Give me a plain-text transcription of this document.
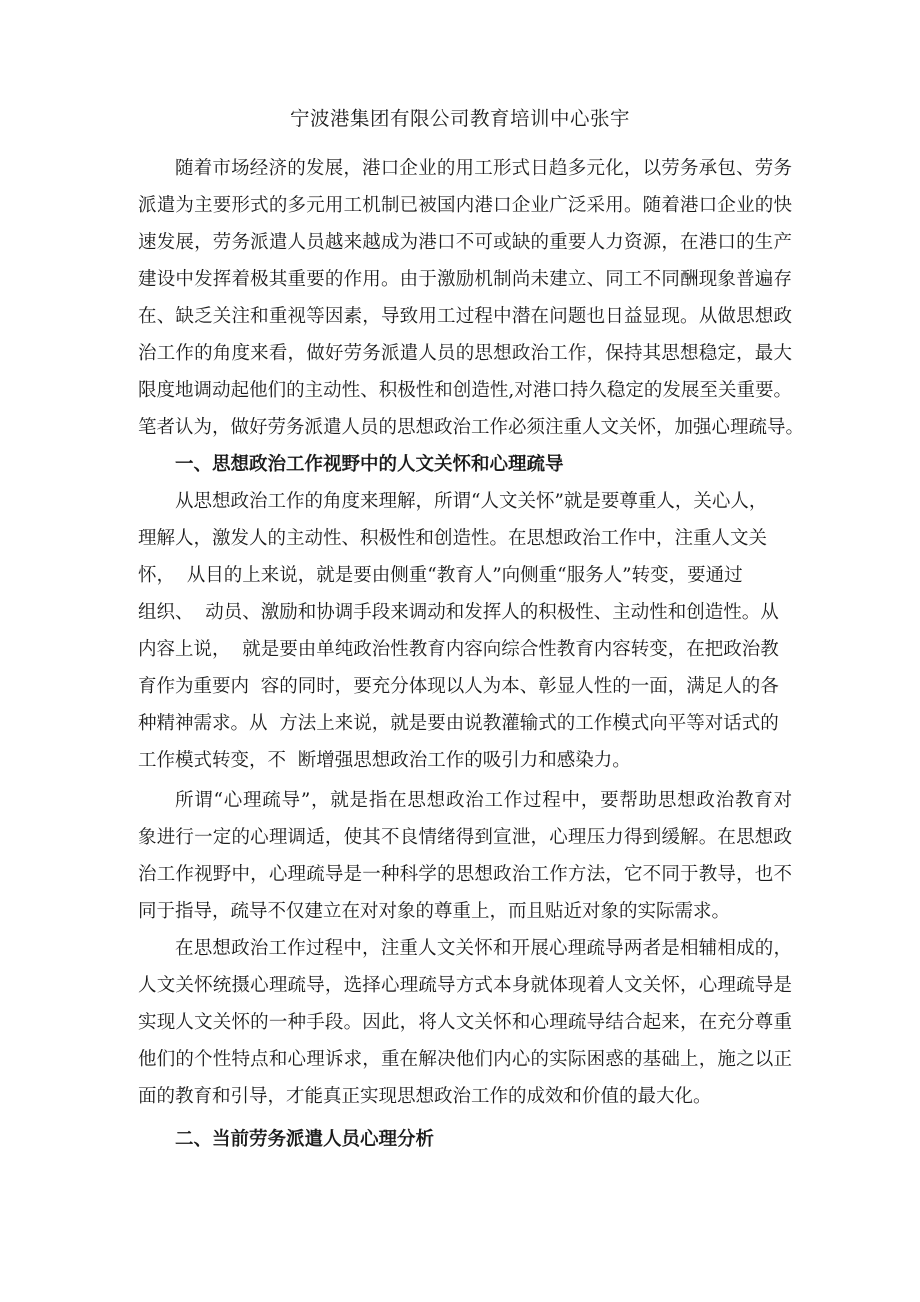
宁波港集团有限公司教育培训中心张宇

随着市场经济的发展，港口企业的用工形式日趋多元化，以劳务承包、劳务

派遣为主要形式的多元用工机制已被国内港口企业广泛采用。随着港口企业的快

速发展，劳务派遣人员越来越成为港口不可或缺的重要人力资源，在港口的生产

建设中发挥着极其重要的作用。由于激励机制尚未建立、同工不同酬现象普遍存

在、缺乏关注和重视等因素，导致用工过程中潜在问题也日益显现。从做思想政

治工作的角度来看，做好劳务派遣人员的思想政治工作，保持其思想稳定，最大

限度地调动起他们的主动性、积极性和创造性,对港口持久稳定的发展至关重要。

笔者认为，做好劳务派遣人员的思想政治工作必须注重人文关怀，加强心理疏导。

一、思想政治工作视野中的人文关怀和心理疏导

从思想政治工作的角度来理解，所谓“人文关怀”就是要尊重人，关心人，

理解人，激发人的主动性、积极性和创造性。在思想政治工作中，注重人文关

怀，  从目的上来说，就是要由侧重“教育人”向侧重“服务人”转变，要通过

组织、  动员、激励和协调手段来调动和发挥人的积极性、主动性和创造性。从

内容上说，  就是要由单纯政治性教育内容向综合性教育内容转变，在把政治教

育作为重要内  容的同时，要充分体现以人为本、彰显人性的一面，满足人的各

种精神需求。从  方法上来说，就是要由说教灌输式的工作模式向平等对话式的

工作模式转变，不  断增强思想政治工作的吸引力和感染力。

所谓“心理疏导”，就是指在思想政治工作过程中，要帮助思想政治教育对

象进行一定的心理调适，使其不良情绪得到宣泄，心理压力得到缓解。在思想政

治工作视野中，心理疏导是一种科学的思想政治工作方法，它不同于教导，也不

同于指导，疏导不仅建立在对对象的尊重上，而且贴近对象的实际需求。

在思想政治工作过程中，注重人文关怀和开展心理疏导两者是相辅相成的，

人文关怀统摄心理疏导，选择心理疏导方式本身就体现着人文关怀，心理疏导是

实现人文关怀的一种手段。因此，将人文关怀和心理疏导结合起来，在充分尊重

他们的个性特点和心理诉求，重在解决他们内心的实际困惑的基础上，施之以正

面的教育和引导，才能真正实现思想政治工作的成效和价值的最大化。

二、当前劳务派遣人员心理分析
